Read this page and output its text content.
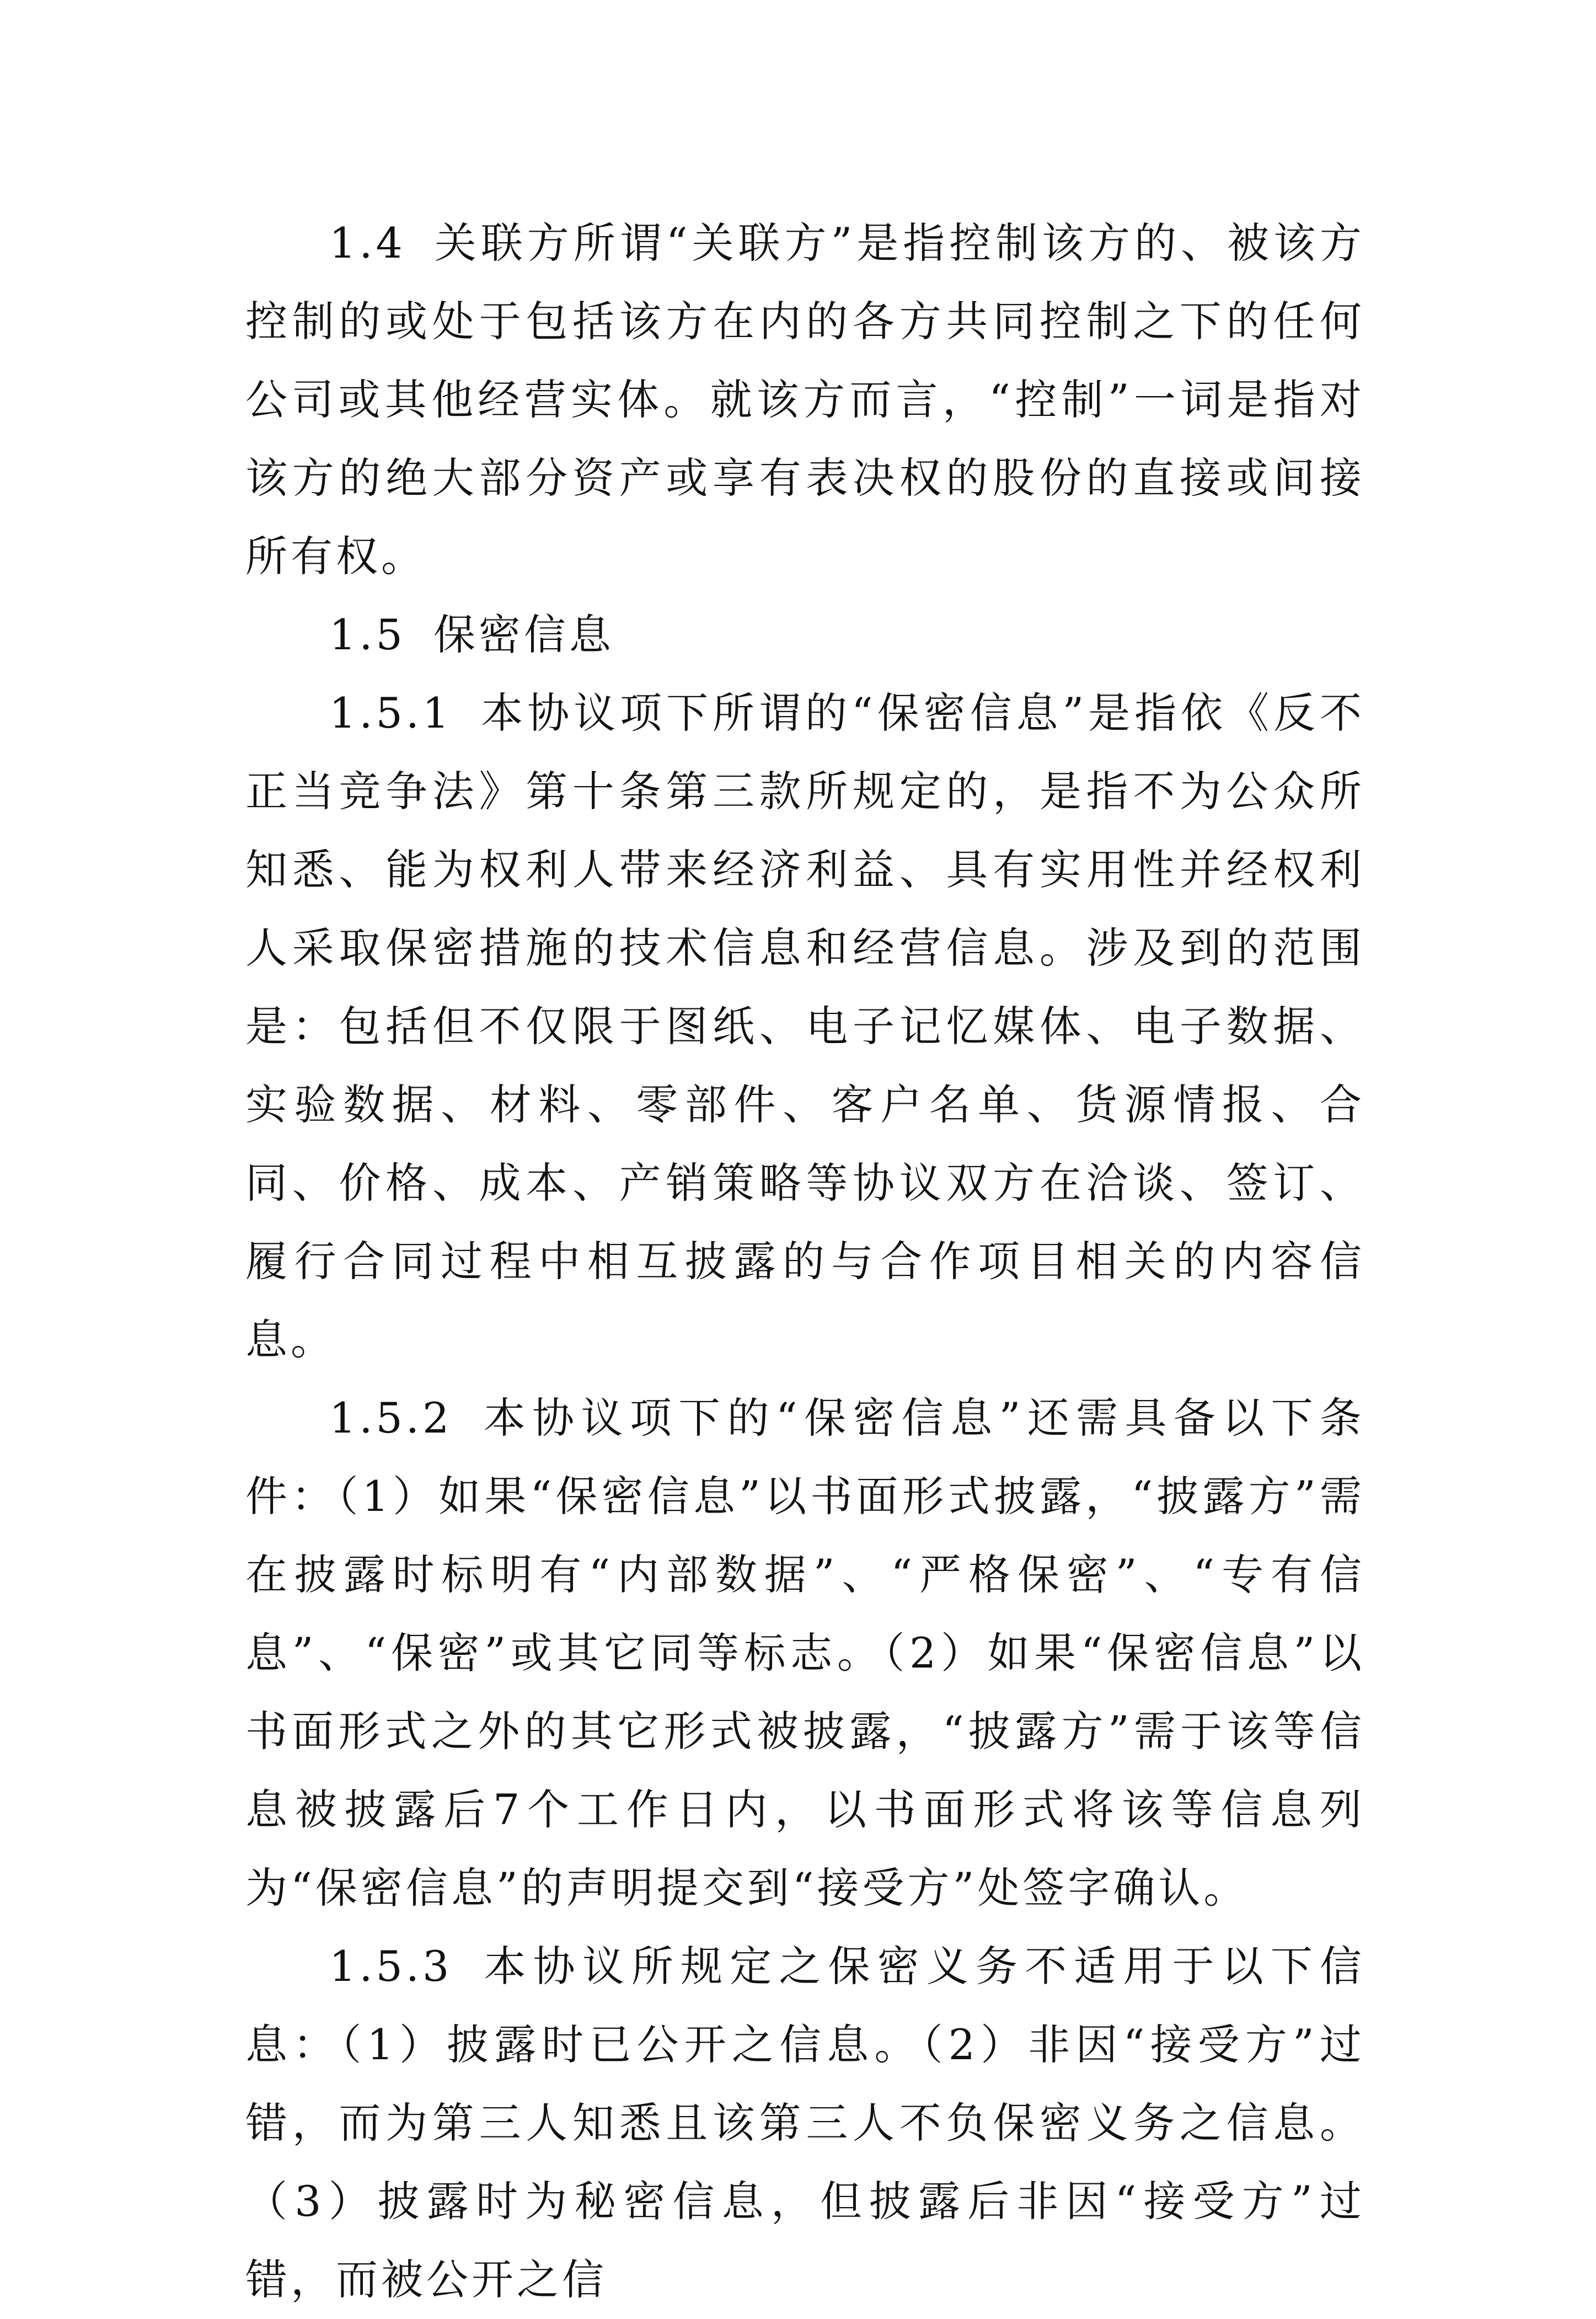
1.4 关联方所谓“关联方”是指控制该方的、被该方控制的或处于包括该方在内的各方共同控制之下的任何公司或其他经营实体。就该方而言，“控制”一词是指对该方的绝大部分资产或享有表决权的股份的直接或间接所有权。

1.5 保密信息

1.5.1 本协议项下所谓的“保密信息”是指依《反不正当竞争法》第十条第三款所规定的，是指不为公众所知悉、能为权利人带来经济利益、具有实用性并经权利人采取保密措施的技术信息和经营信息。涉及到的范围是：包括但不仅限于图纸、电子记忆媒体、电子数据、实验数据、材料、零部件、客户名单、货源情报、合同、价格、成本、产销策略等协议双方在洽谈、签订、履行合同过程中相互披露的与合作项目相关的内容信息。

1.5.2 本协议项下的“保密信息”还需具备以下条件：（1）如果“保密信息”以书面形式披露，“披露方”需在披露时标明有“内部数据”、“严格保密”、“专有信息”、“保密”或其它同等标志。（2）如果“保密信息”以书面形式之外的其它形式被披露，“披露方”需于该等信息被披露后7个工作日内，以书面形式将该等信息列为“保密信息”的声明提交到“接受方”处签字确认。

1.5.3 本协议所规定之保密义务不适用于以下信息：（1）披露时已公开之信息。（2）非因“接受方”过错，而为第三人知悉且该第三人不负保密义务之信息。（3）披露时为秘密信息，但披露后非因“接受方”过错，而被公开之信
